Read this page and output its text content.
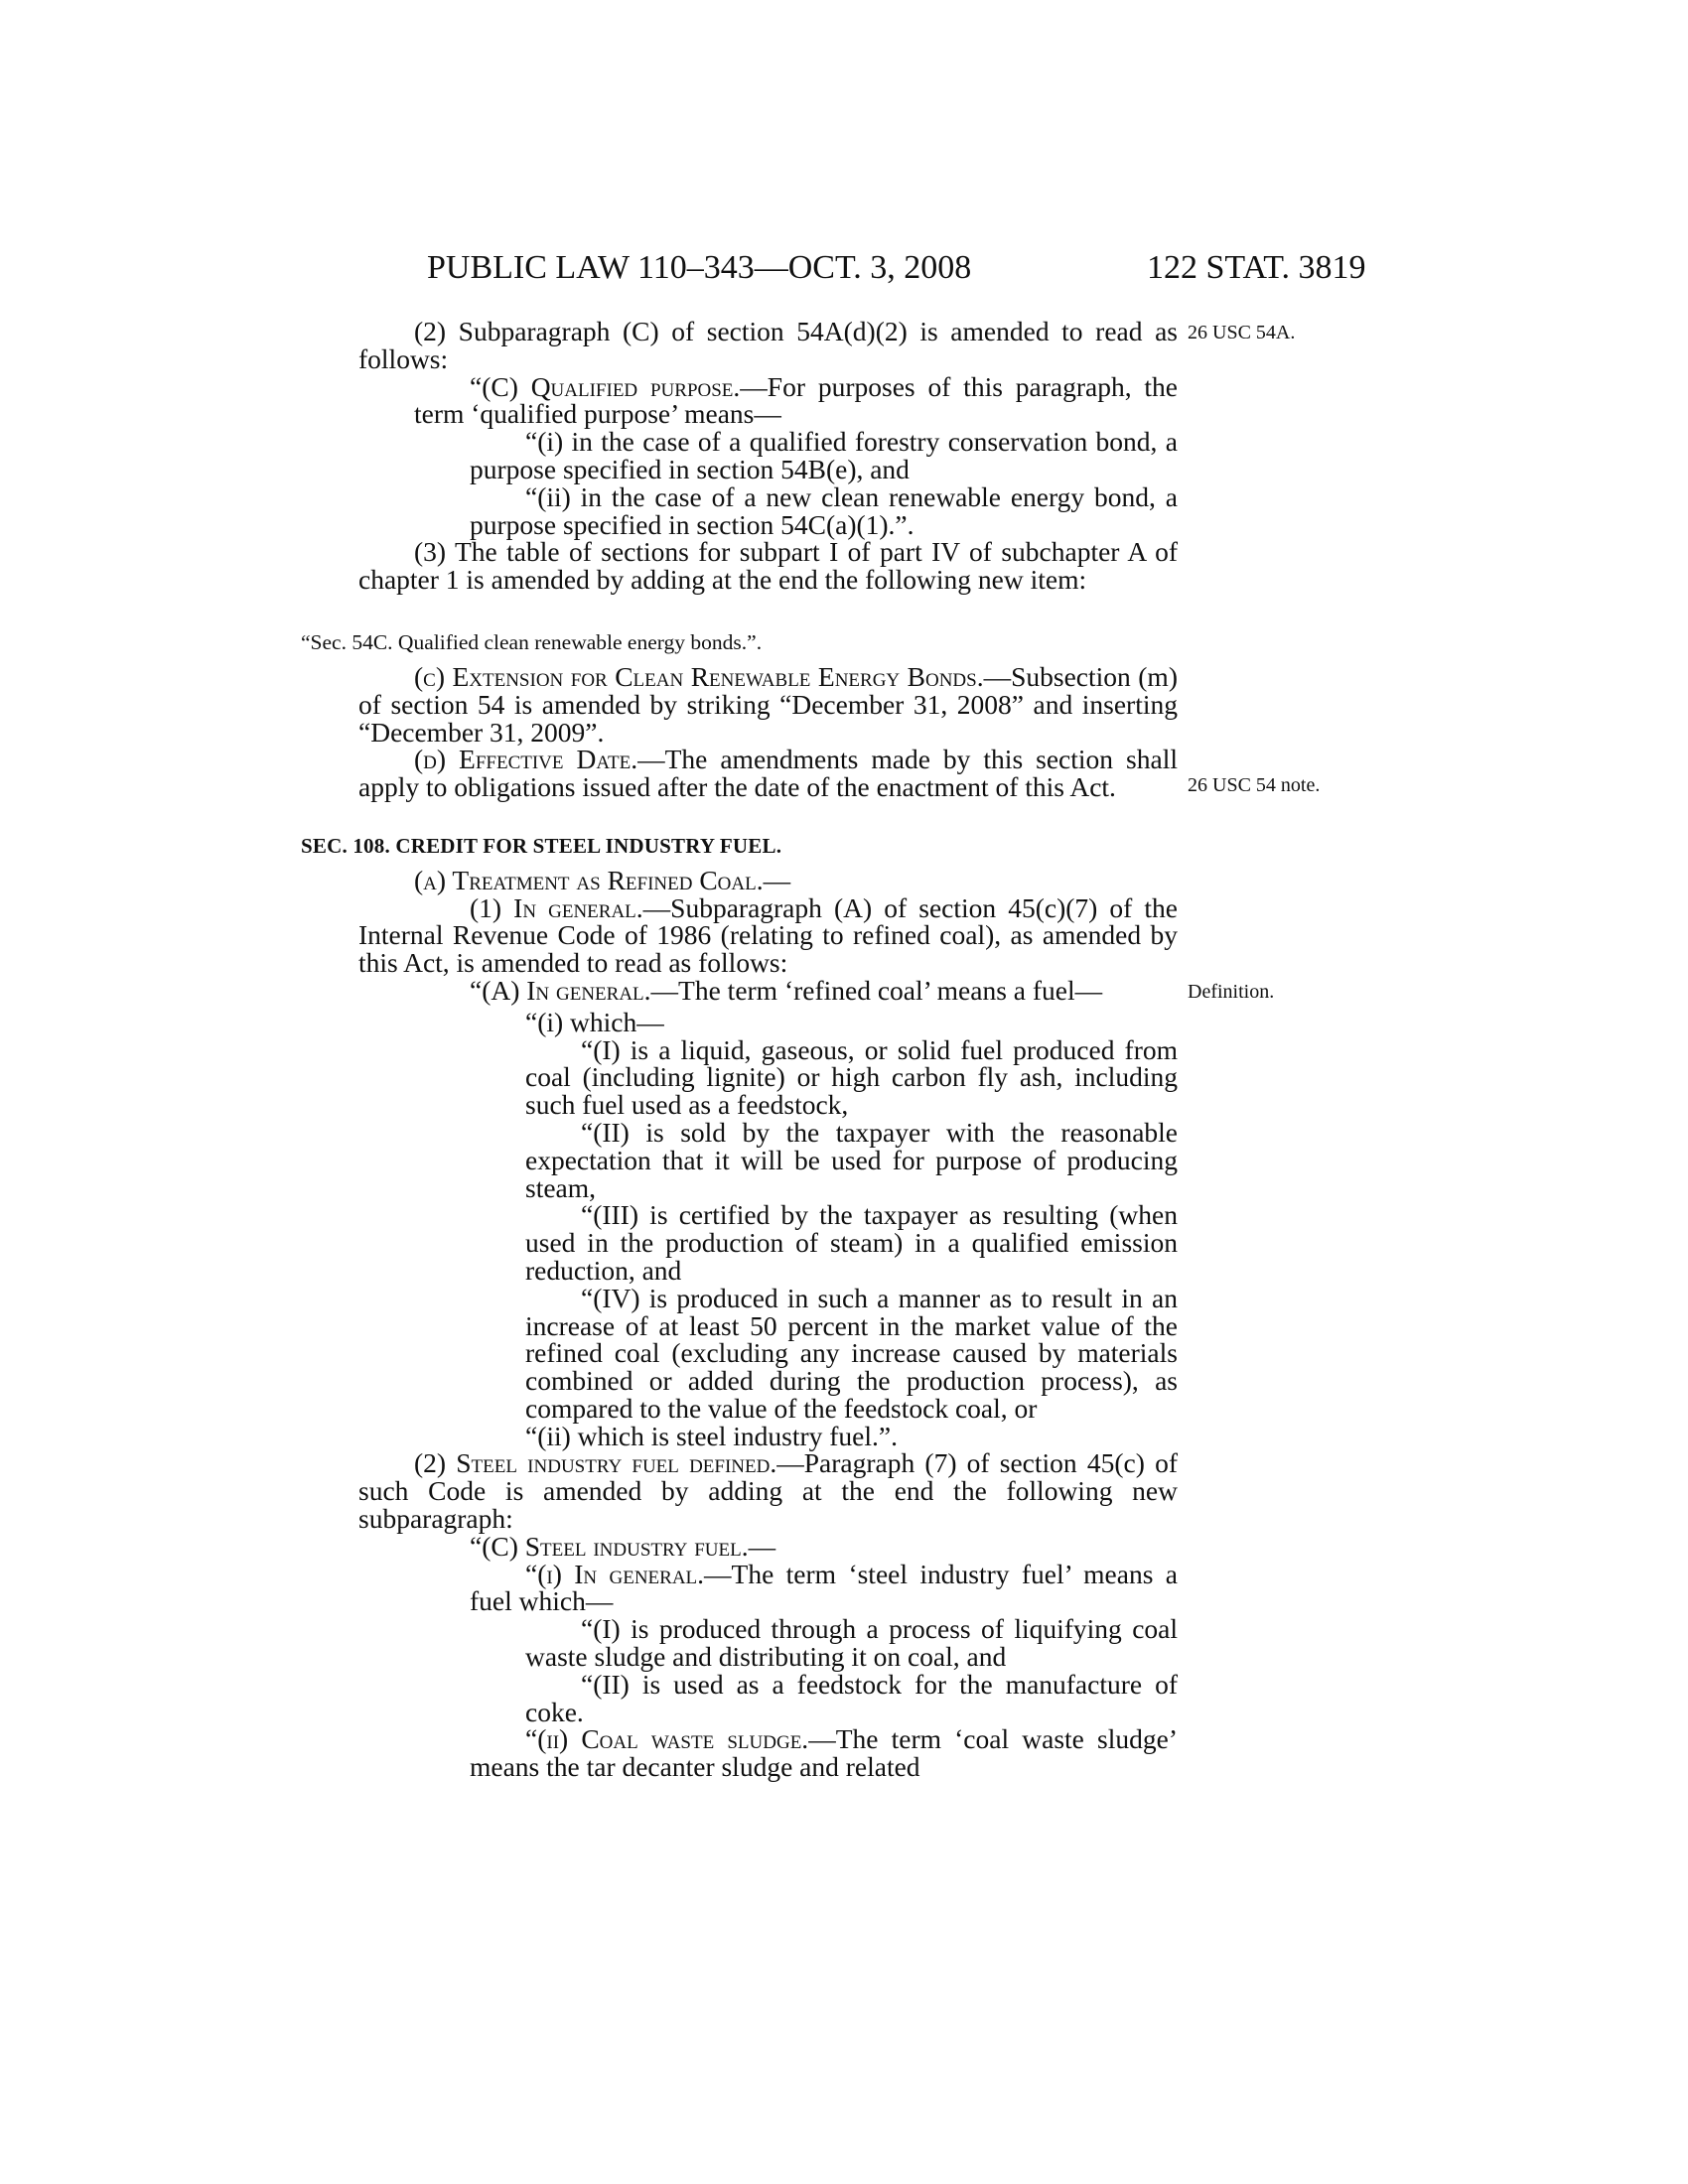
PUBLIC LAW 110–343—OCT. 3, 2008	122 STAT. 3819
26 USC 54A.
26 USC 54 note.
Definition.

(2) Subparagraph (C) of section 54A(d)(2) is amended to read as follows:

“(C) Qualified purpose.—For purposes of this paragraph, the term ‘qualified purpose’ means—

“(i) in the case of a qualified forestry conservation bond, a purpose specified in section 54B(e), and

“(ii) in the case of a new clean renewable energy bond, a purpose specified in section 54C(a)(1).”.

(3) The table of sections for subpart I of part IV of subchapter A of chapter 1 is amended by adding at the end the following new item:

“Sec. 54C. Qualified clean renewable energy bonds.”.

(c) Extension for Clean Renewable Energy Bonds.—Subsection (m) of section 54 is amended by striking “December 31, 2008” and inserting “December 31, 2009”.

(d) Effective Date.—The amendments made by this section shall apply to obligations issued after the date of the enactment of this Act.

SEC. 108. CREDIT FOR STEEL INDUSTRY FUEL.

(a) Treatment as Refined Coal.—

(1) In general.—Subparagraph (A) of section 45(c)(7) of the Internal Revenue Code of 1986 (relating to refined coal), as amended by this Act, is amended to read as follows:

“(A) In general.—The term ‘refined coal’ means a fuel—

“(i) which—

“(I) is a liquid, gaseous, or solid fuel produced from coal (including lignite) or high carbon fly ash, including such fuel used as a feedstock,

“(II) is sold by the taxpayer with the reasonable expectation that it will be used for purpose of producing steam,

“(III) is certified by the taxpayer as resulting (when used in the production of steam) in a qualified emission reduction, and

“(IV) is produced in such a manner as to result in an increase of at least 50 percent in the market value of the refined coal (excluding any increase caused by materials combined or added during the production process), as compared to the value of the feedstock coal, or

“(ii) which is steel industry fuel.”.

(2) Steel industry fuel defined.—Paragraph (7) of section 45(c) of such Code is amended by adding at the end the following new subparagraph:

“(C) Steel industry fuel.—

“(i) In general.—The term ‘steel industry fuel’ means a fuel which—

“(I) is produced through a process of liquifying coal waste sludge and distributing it on coal, and

“(II) is used as a feedstock for the manufacture of coke.

“(ii) Coal waste sludge.—The term ‘coal waste sludge’ means the tar decanter sludge and related
